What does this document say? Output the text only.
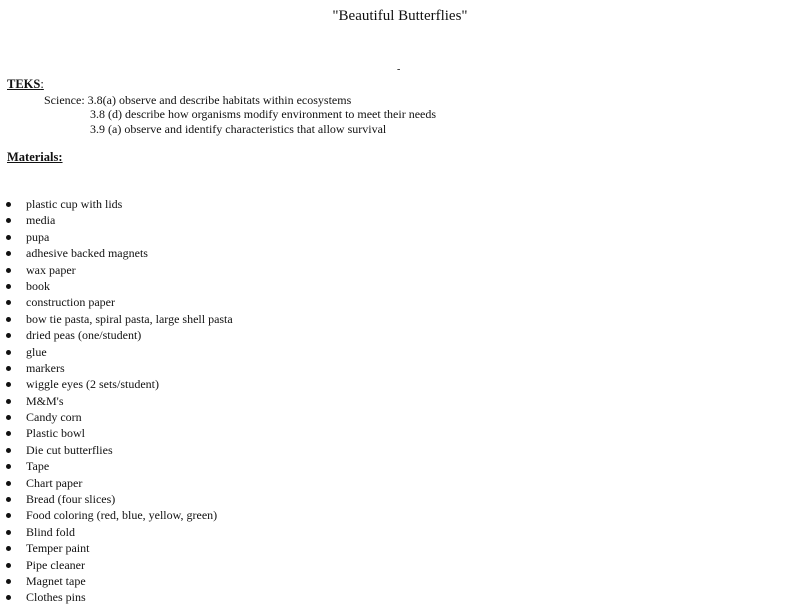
"Beautiful Butterflies"
-
TEKS:
Science: 3.8(a) observe and describe habitats within ecosystems
3.8 (d) describe how organisms modify environment to meet their needs
3.9 (a) observe and identify characteristics that allow survival
Materials:
plastic cup with lids
media
pupa
adhesive backed magnets
wax paper
book
construction paper
bow tie pasta, spiral pasta, large shell pasta
dried peas (one/student)
glue
markers
wiggle eyes (2 sets/student)
M&M's
Candy corn
Plastic bowl
Die cut butterflies
Tape
Chart paper
Bread (four slices)
Food coloring (red, blue, yellow, green)
Blind fold
Temper paint
Pipe cleaner
Magnet tape
Clothes pins
